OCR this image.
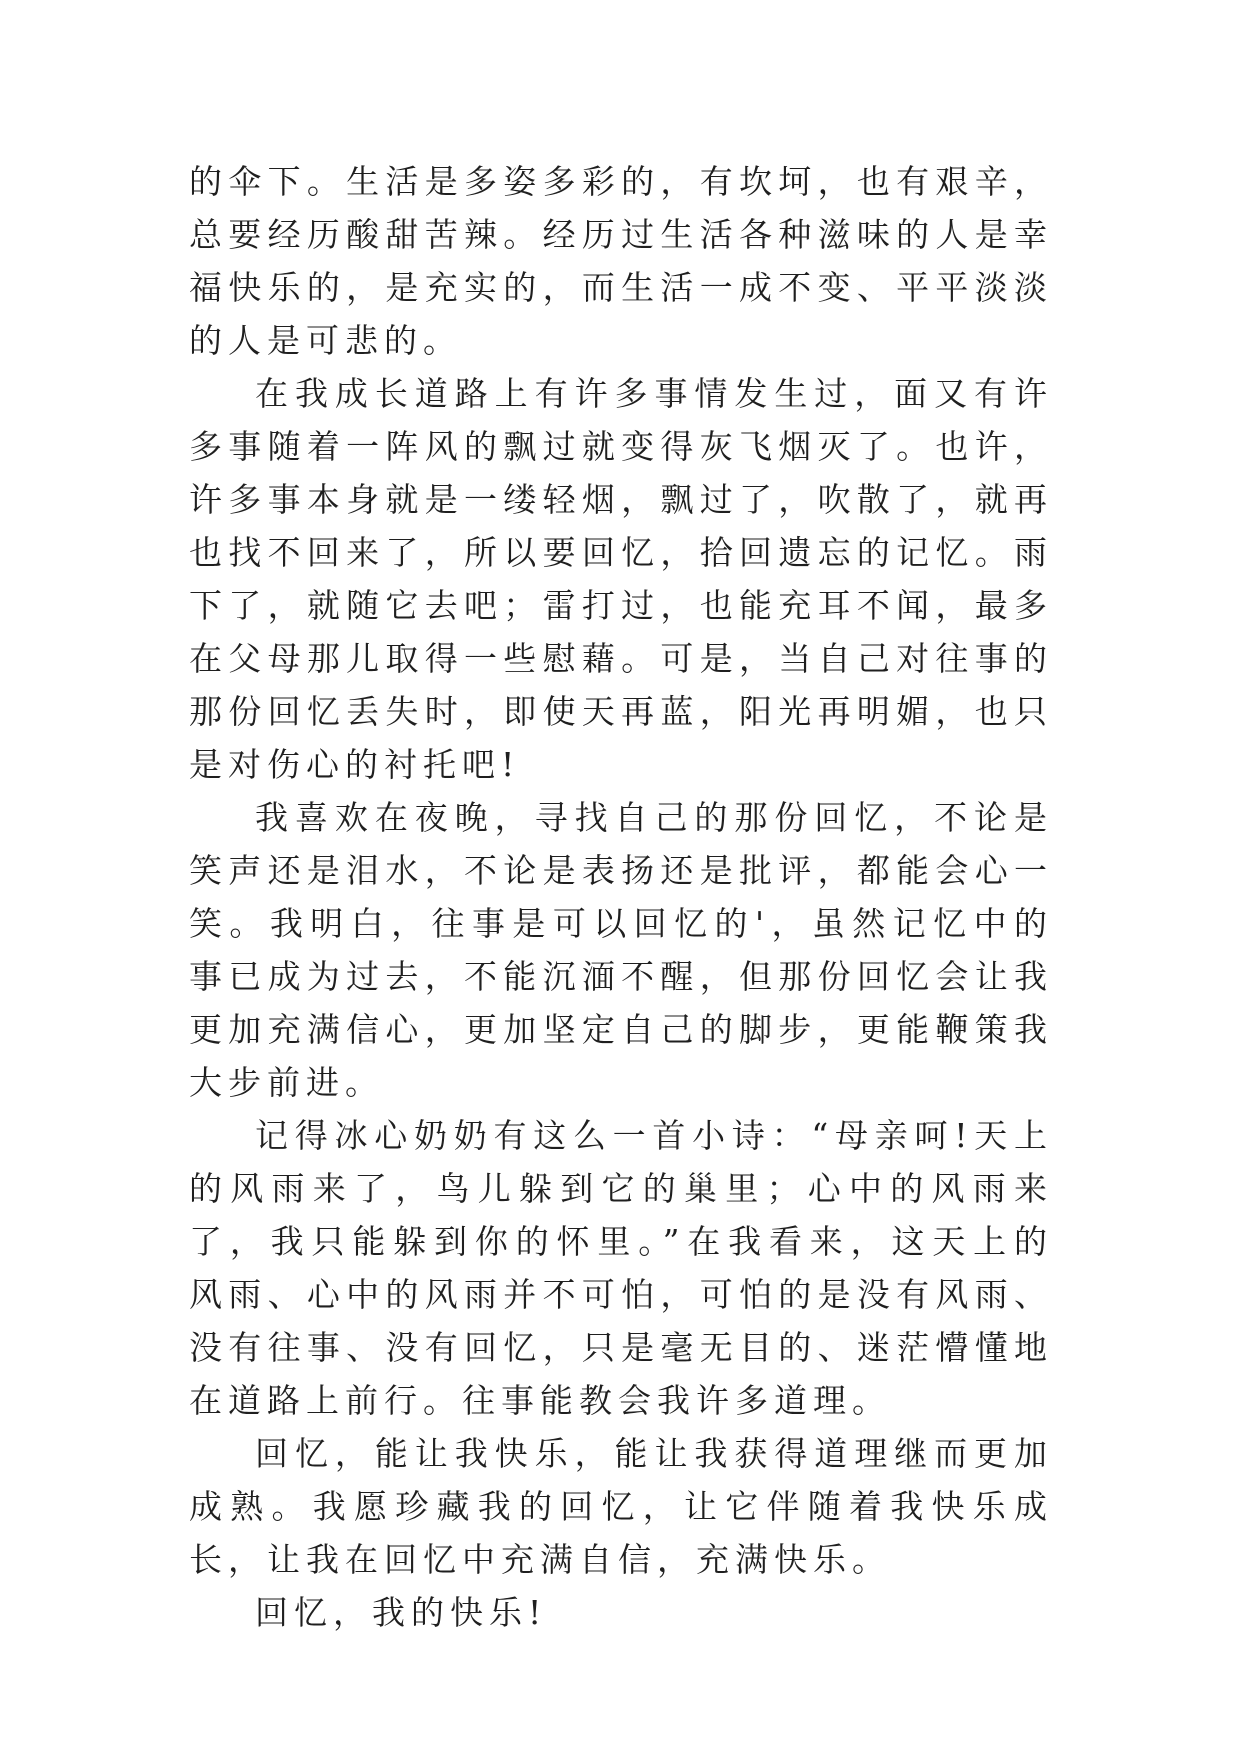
的伞下。生活是多姿多彩的，有坎坷，也有艰辛，总要经历酸甜苦辣。经历过生活各种滋味的人是幸福快乐的，是充实的，而生活一成不变、平平淡淡的人是可悲的。

在我成长道路上有许多事情发生过，面又有许多事随着一阵风的飘过就变得灰飞烟灭了。也许，许多事本身就是一缕轻烟，飘过了，吹散了，就再也找不回来了，所以要回忆，拾回遗忘的记忆。雨下了，就随它去吧；雷打过，也能充耳不闻，最多在父母那儿取得一些慰藉。可是，当自己对往事的那份回忆丢失时，即使天再蓝，阳光再明媚，也只是对伤心的衬托吧!

我喜欢在夜晚，寻找自己的那份回忆，不论是笑声还是泪水，不论是表扬还是批评，都能会心一笑。我明白，往事是可以回忆的'，虽然记忆中的事已成为过去，不能沉湎不醒，但那份回忆会让我更加充满信心，更加坚定自己的脚步，更能鞭策我大步前进。

记得冰心奶奶有这么一首小诗：“母亲呵!天上的风雨来了，鸟儿躲到它的巢里；心中的风雨来了，我只能躲到你的怀里。”在我看来，这天上的风雨、心中的风雨并不可怕，可怕的是没有风雨、没有往事、没有回忆，只是毫无目的、迷茫懵懂地在道路上前行。往事能教会我许多道理。

回忆，能让我快乐，能让我获得道理继而更加成熟。我愿珍藏我的回忆，让它伴随着我快乐成长，让我在回忆中充满自信，充满快乐。

回忆，我的快乐!
